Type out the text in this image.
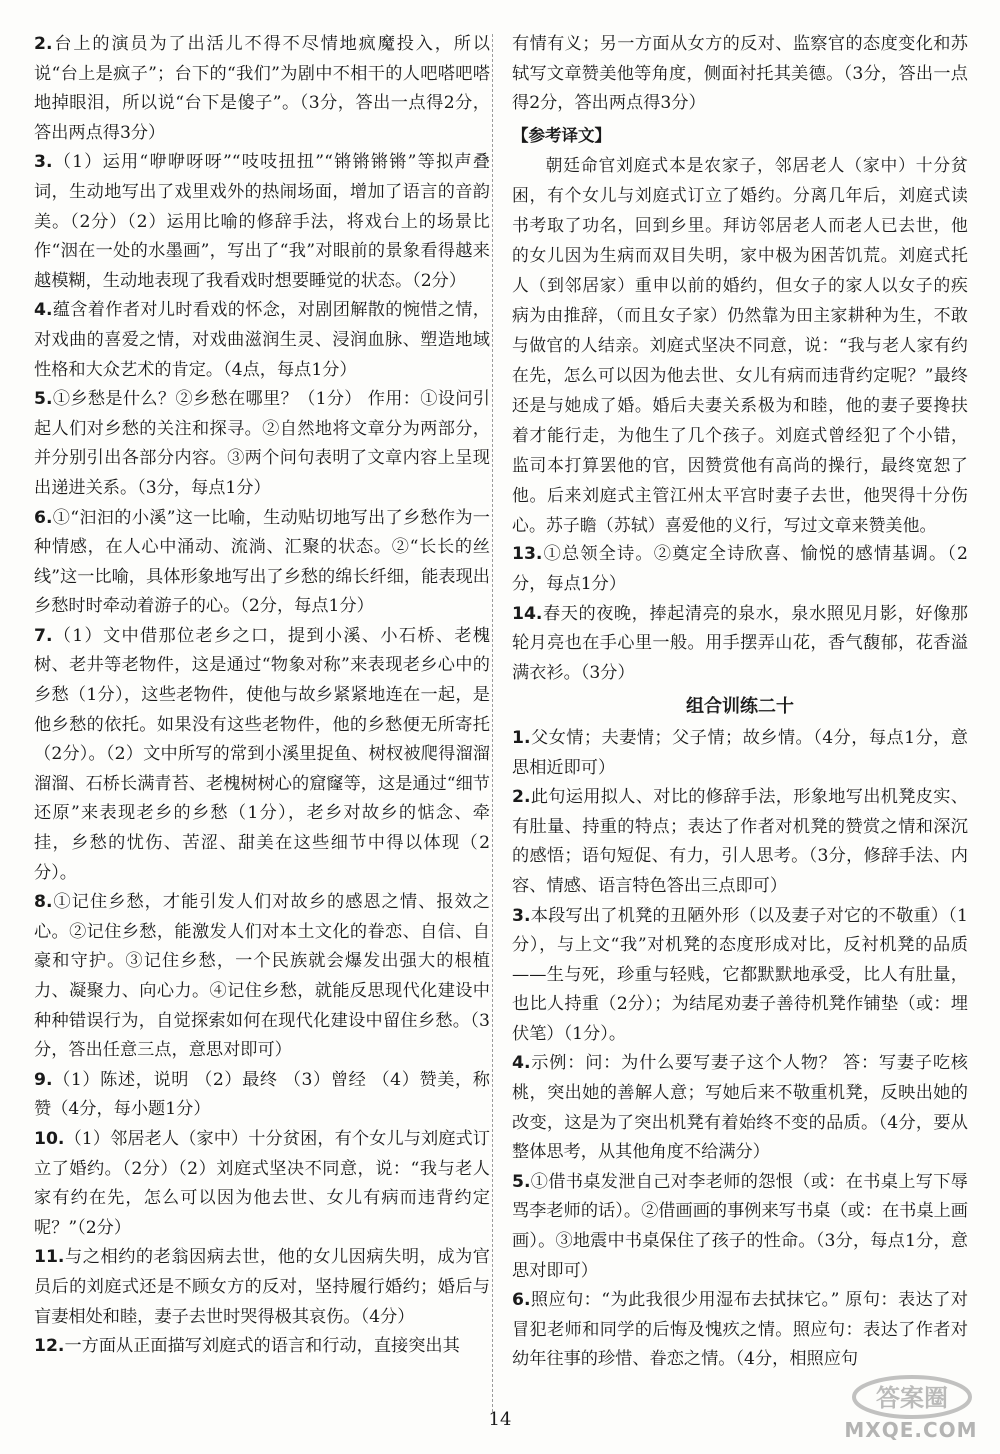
2.台上的演员为了出活儿不得不尽情地疯魔投入，所以说“台上是疯子”；台下的“我们”为剧中不相干的人吧嗒吧嗒地掉眼泪，所以说“台下是傻子”。（3分，答出一点得2分，答出两点得3分）
3.（1）运用“咿咿呀呀”“吱吱扭扭”“锵锵锵锵”等拟声叠词，生动地写出了戏里戏外的热闹场面，增加了语言的音韵美。（2分）（2）运用比喻的修辞手法，将戏台上的场景比作“洇在一处的水墨画”，写出了“我”对眼前的景象看得越来越模糊，生动地表现了我看戏时想要睡觉的状态。（2分）
4.蕴含着作者对儿时看戏的怀念，对剧团解散的惋惜之情，对戏曲的喜爱之情，对戏曲滋润生灵、浸润血脉、塑造地域性格和大众艺术的肯定。（4点，每点1分）
5.①乡愁是什么？②乡愁在哪里？（1分） 作用：①设问引起人们对乡愁的关注和探寻。②自然地将文章分为两部分，并分别引出各部分内容。③两个问句表明了文章内容上呈现出递进关系。（3分，每点1分）
6.①“汩汩的小溪”这一比喻，生动贴切地写出了乡愁作为一种情感，在人心中涌动、流淌、汇聚的状态。②“长长的丝线”这一比喻，具体形象地写出了乡愁的绵长纤细，能表现出乡愁时时牵动着游子的心。（2分，每点1分）
7.（1）文中借那位老乡之口，提到小溪、小石桥、老槐树、老井等老物件，这是通过“物象对称”来表现老乡心中的乡愁（1分），这些老物件，使他与故乡紧紧地连在一起，是他乡愁的依托。如果没有这些老物件，他的乡愁便无所寄托（2分）。（2）文中所写的常到小溪里捉鱼、树杈被爬得溜溜溜溜、石桥长满青苔、老槐树树心的窟窿等，这是通过“细节还原”来表现老乡的乡愁（1分），老乡对故乡的惦念、牵挂，乡愁的忧伤、苦涩、甜美在这些细节中得以体现（2分）。
8.①记住乡愁，才能引发人们对故乡的感恩之情、报效之心。②记住乡愁，能激发人们对本土文化的眷恋、自信、自豪和守护。③记住乡愁，一个民族就会爆发出强大的根植力、凝聚力、向心力。④记住乡愁，就能反思现代化建设中种种错误行为，自觉探索如何在现代化建设中留住乡愁。（3分，答出任意三点，意思对即可）
9.（1）陈述，说明 （2）最终 （3）曾经 （4）赞美，称赞（4分，每小题1分）
10.（1）邻居老人（家中）十分贫困，有个女儿与刘庭式订立了婚约。（2分）（2）刘庭式坚决不同意，说：“我与老人家有约在先，怎么可以因为他去世、女儿有病而违背约定呢？”（2分）
11.与之相约的老翁因病去世，他的女儿因病失明，成为官员后的刘庭式还是不顾女方的反对，坚持履行婚约；婚后与盲妻相处和睦，妻子去世时哭得极其哀伤。（4分）
12.一方面从正面描写刘庭式的语言和行动，直接突出其
有情有义；另一方面从女方的反对、监察官的态度变化和苏轼写文章赞美他等角度，侧面衬托其美德。（3分，答出一点得2分，答出两点得3分）
【参考译文】
朝廷命官刘庭式本是农家子，邻居老人（家中）十分贫困，有个女儿与刘庭式订立了婚约。分离几年后，刘庭式读书考取了功名，回到乡里。拜访邻居老人而老人已去世，他的女儿因为生病而双目失明，家中极为困苦饥荒。刘庭式托人（到邻居家）重申以前的婚约，但女子的家人以女子的疾病为由推辞，（而且女子家）仍然靠为田主家耕种为生，不敢与做官的人结亲。刘庭式坚决不同意，说：“我与老人家有约在先，怎么可以因为他去世、女儿有病而违背约定呢？”最终还是与她成了婚。婚后夫妻关系极为和睦，他的妻子要搀扶着才能行走，为他生了几个孩子。刘庭式曾经犯了个小错，监司本打算罢他的官，因赞赏他有高尚的操行，最终宽恕了他。后来刘庭式主管江州太平宫时妻子去世，他哭得十分伤心。苏子瞻（苏轼）喜爱他的义行，写过文章来赞美他。
13.①总领全诗。②奠定全诗欣喜、愉悦的感情基调。（2分，每点1分）
14.春天的夜晚，捧起清亮的泉水，泉水照见月影，好像那轮月亮也在手心里一般。用手摆弄山花，香气馥郁，花香溢满衣衫。（3分）
组合训练二十
1.父女情；夫妻情；父子情；故乡情。（4分，每点1分，意思相近即可）
2.此句运用拟人、对比的修辞手法，形象地写出机凳皮实、有肚量、持重的特点；表达了作者对机凳的赞赏之情和深沉的感悟；语句短促、有力，引人思考。（3分，修辞手法、内容、情感、语言特色答出三点即可）
3.本段写出了机凳的丑陋外形（以及妻子对它的不敬重）（1分），与上文“我”对机凳的态度形成对比，反衬机凳的品质——生与死，珍重与轻贱，它都默默地承受，比人有肚量，也比人持重（2分）；为结尾劝妻子善待机凳作铺垫（或：埋伏笔）（1分）。
4.示例：问：为什么要写妻子这个人物？ 答：写妻子吃核桃，突出她的善解人意；写她后来不敬重机凳，反映出她的改变，这是为了突出机凳有着始终不变的品质。（4分，要从整体思考，从其他角度不给满分）
5.①借书桌发泄自己对李老师的怨恨（或：在书桌上写下辱骂李老师的话）。②借画画的事例来写书桌（或：在书桌上画画）。③地震中书桌保住了孩子的性命。（3分，每点1分，意思对即可）
6.照应句：“为此我很少用湿布去拭抹它。” 原句：表达了对冒犯老师和同学的后悔及愧疚之情。照应句：表达了作者对幼年往事的珍惜、眷恋之情。（4分，相照应句
14
答案圈
MXQE.COM
